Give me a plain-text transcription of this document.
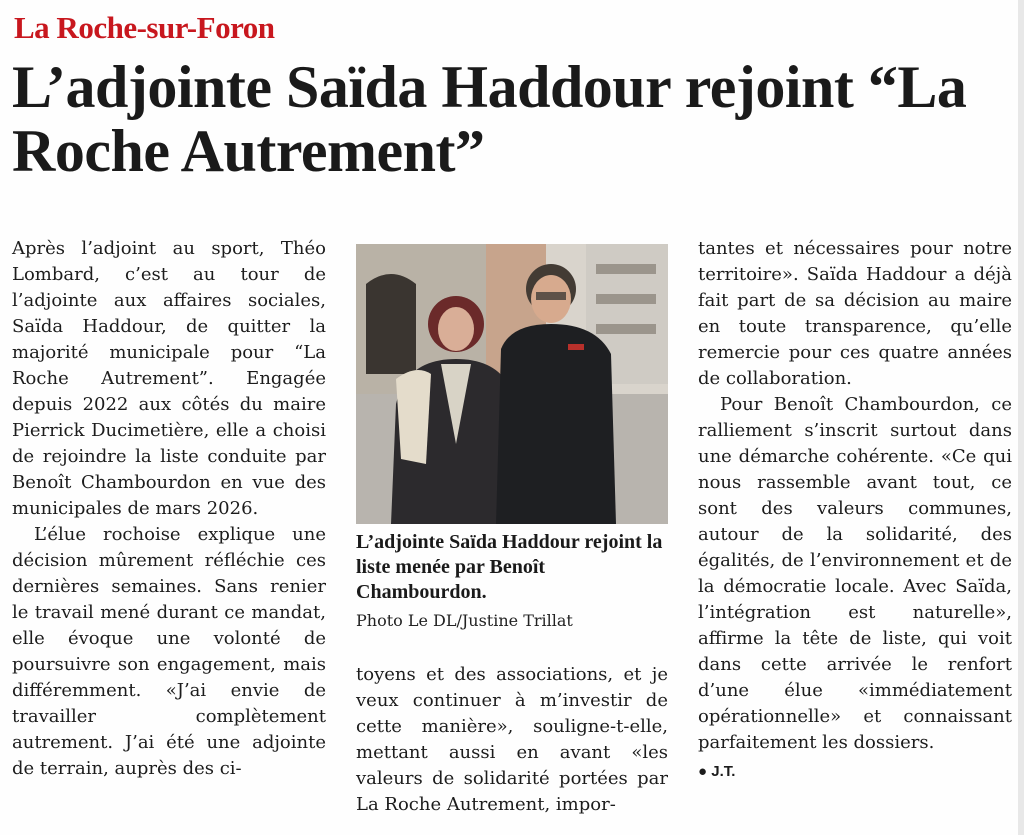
La Roche-sur-Foron
L’adjointe Saïda Haddour rejoint “La Roche Autrement”

Après l’adjoint au sport, Théo Lombard, c’est au tour de l’adjointe aux affaires sociales, Saïda Haddour, de quitter la majorité municipale pour “La Roche Autrement”. Engagée depuis 2022 aux côtés du maire Pierrick Ducimetière, elle a choisi de rejoindre la liste conduite par Benoît Chambourdon en vue des municipales de mars 2026.

L’élue rochoise explique une décision mûrement réfléchie ces dernières semaines. Sans renier le travail mené durant ce mandat, elle évoque une volonté de poursuivre son engagement, mais différemment. «J’ai envie de travailler complètement autrement. J’ai été une adjointe de terrain, auprès des ci-

L’adjointe Saïda Haddour rejoint la liste menée par Benoît Chambourdon.
Photo Le DL/Justine Trillat

toyens et des associations, et je veux continuer à m’investir de cette manière», souligne-t-elle, mettant aussi en avant «les valeurs de solidarité portées par La Roche Autrement, impor-

tantes et nécessaires pour notre territoire». Saïda Haddour a déjà fait part de sa décision au maire en toute transparence, qu’elle remercie pour ces quatre années de collaboration.

Pour Benoît Chambourdon, ce ralliement s’inscrit surtout dans une démarche cohérente. «Ce qui nous rassemble avant tout, ce sont des valeurs communes, autour de la solidarité, des égalités, de l’environnement et de la démocratie locale. Avec Saïda, l’intégration est naturelle», affirme la tête de liste, qui voit dans cette arrivée le renfort d’une élue «immédiatement opérationnelle» et connaissant parfaitement les dossiers.

● J.T.
